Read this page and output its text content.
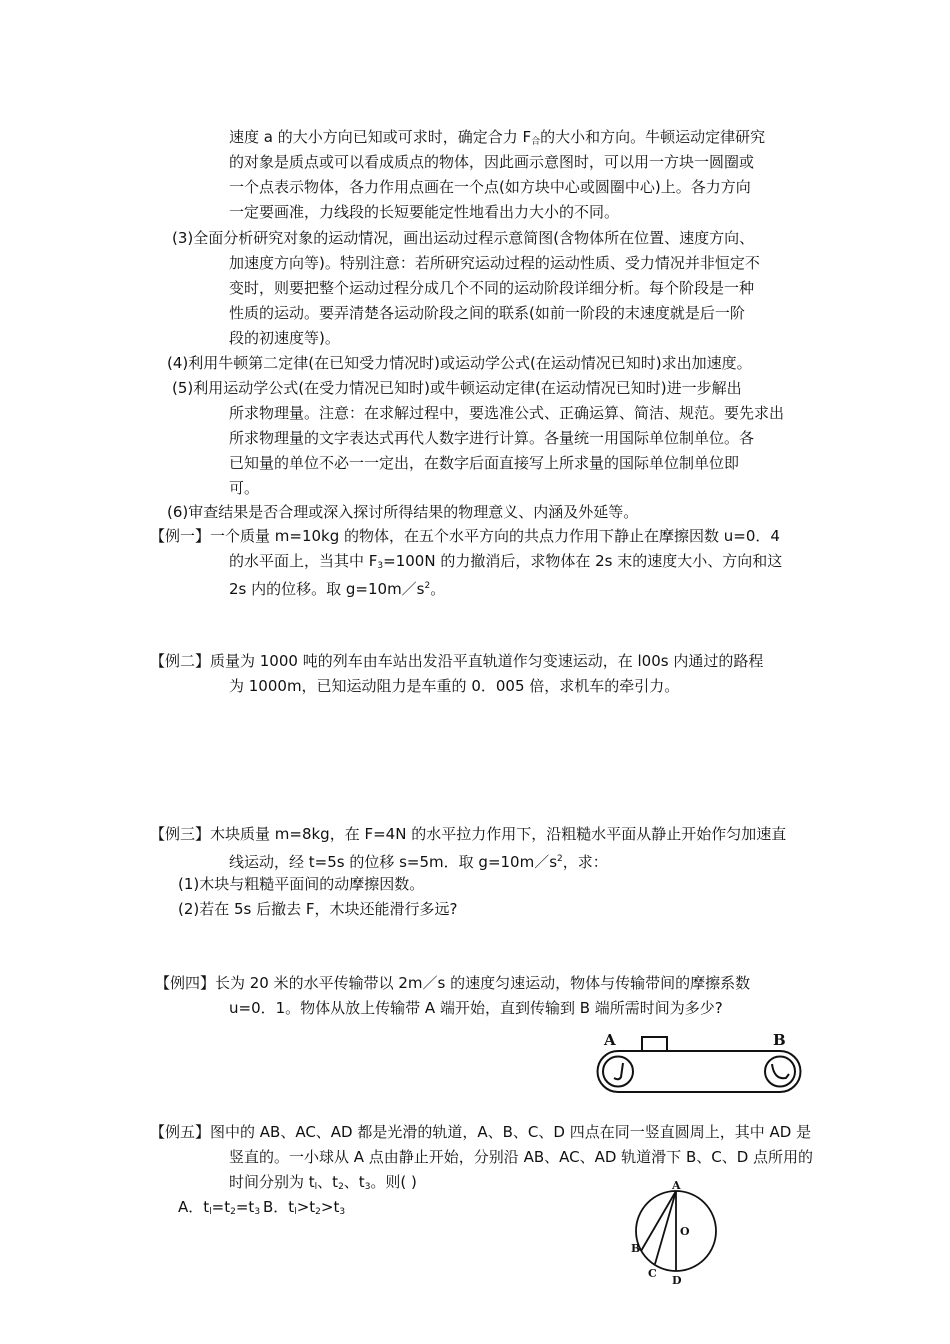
速度 a 的大小方向已知或可求时，确定合力 $F_合$的大小和方向。牛顿运动定律研究
的对象是质点或可以看成质点的物体，因此画示意图时，可以用一方块一圆圈或
一个点表示物体，各力作用点画在一个点(如方块中心或圆圈中心)上。各力方向
一定要画准，力线段的长短要能定性地看出力大小的不同。
(3)全面分析研究对象的运动情况，画出运动过程示意简图(含物体所在位置、速度方向、
加速度方向等)。特别注意：若所研究运动过程的运动性质、受力情况并非恒定不
变时，则要把整个运动过程分成几个不同的运动阶段详细分析。每个阶段是一种
性质的运动。要弄清楚各运动阶段之间的联系(如前一阶段的末速度就是后一阶
段的初速度等)。
(4)利用牛顿第二定律(在已知受力情况时)或运动学公式(在运动情况已知时)求出加速度。
(5)利用运动学公式(在受力情况已知时)或牛顿运动定律(在运动情况已知时)进一步解出
所求物理量。注意：在求解过程中，要选准公式、正确运算、简洁、规范。要先求出
所求物理量的文字表达式再代人数字进行计算。各量统一用国际单位制单位。各
已知量的单位不必一一定出，在数字后面直接写上所求量的国际单位制单位即
可。
(6)审查结果是否合理或深入探讨所得结果的物理意义、内涵及外延等。
【例一】一个质量 m=10kg 的物体，在五个水平方向的共点力作用下静止在摩擦因数 u=0．4
的水平面上，当其中 $F_3=100N$ 的力撤消后，求物体在 2s 末的速度大小、方向和这
2s 内的位移。取 $g=10m/s^2$。
【例二】质量为 1000 吨的列车由车站出发沿平直轨道作匀变速运动，在 l00s 内通过的路程
为 1000m，已知运动阻力是车重的 0．005 倍，求机车的牵引力。
【例三】木块质量 m=8kg，在 F=4N 的水平拉力作用下，沿粗糙水平面从静止开始作匀加速直
线运动，经 t=5s 的位移 s=5m．取 $g=10m/s^2$，求：
(1)木块与粗糙平面间的动摩擦因数。
(2)若在 5s 后撤去 F，木块还能滑行多远?
【例四】长为 20 米的水平传输带以 2m／s 的速度匀速运动，物体与传输带间的摩擦系数
u=0．1。物体从放上传输带 A 端开始，直到传输到 B 端所需时间为多少?
A	B
【例五】图中的 AB、AC、AD 都是光滑的轨道，A、B、C、D 四点在同一竖直圆周上，其中 AD 是
竖直的。一小球从 A 点由静止开始，分别沿 AB、AC、AD 轨道滑下 B、C、D 点所用的
时间分别为 $t_l$、$t_2$、$t_3$。则( )
A．$t_l=t_2=t_3$ B．$t_l>t_2>t_3$
A
B
C
D
O
